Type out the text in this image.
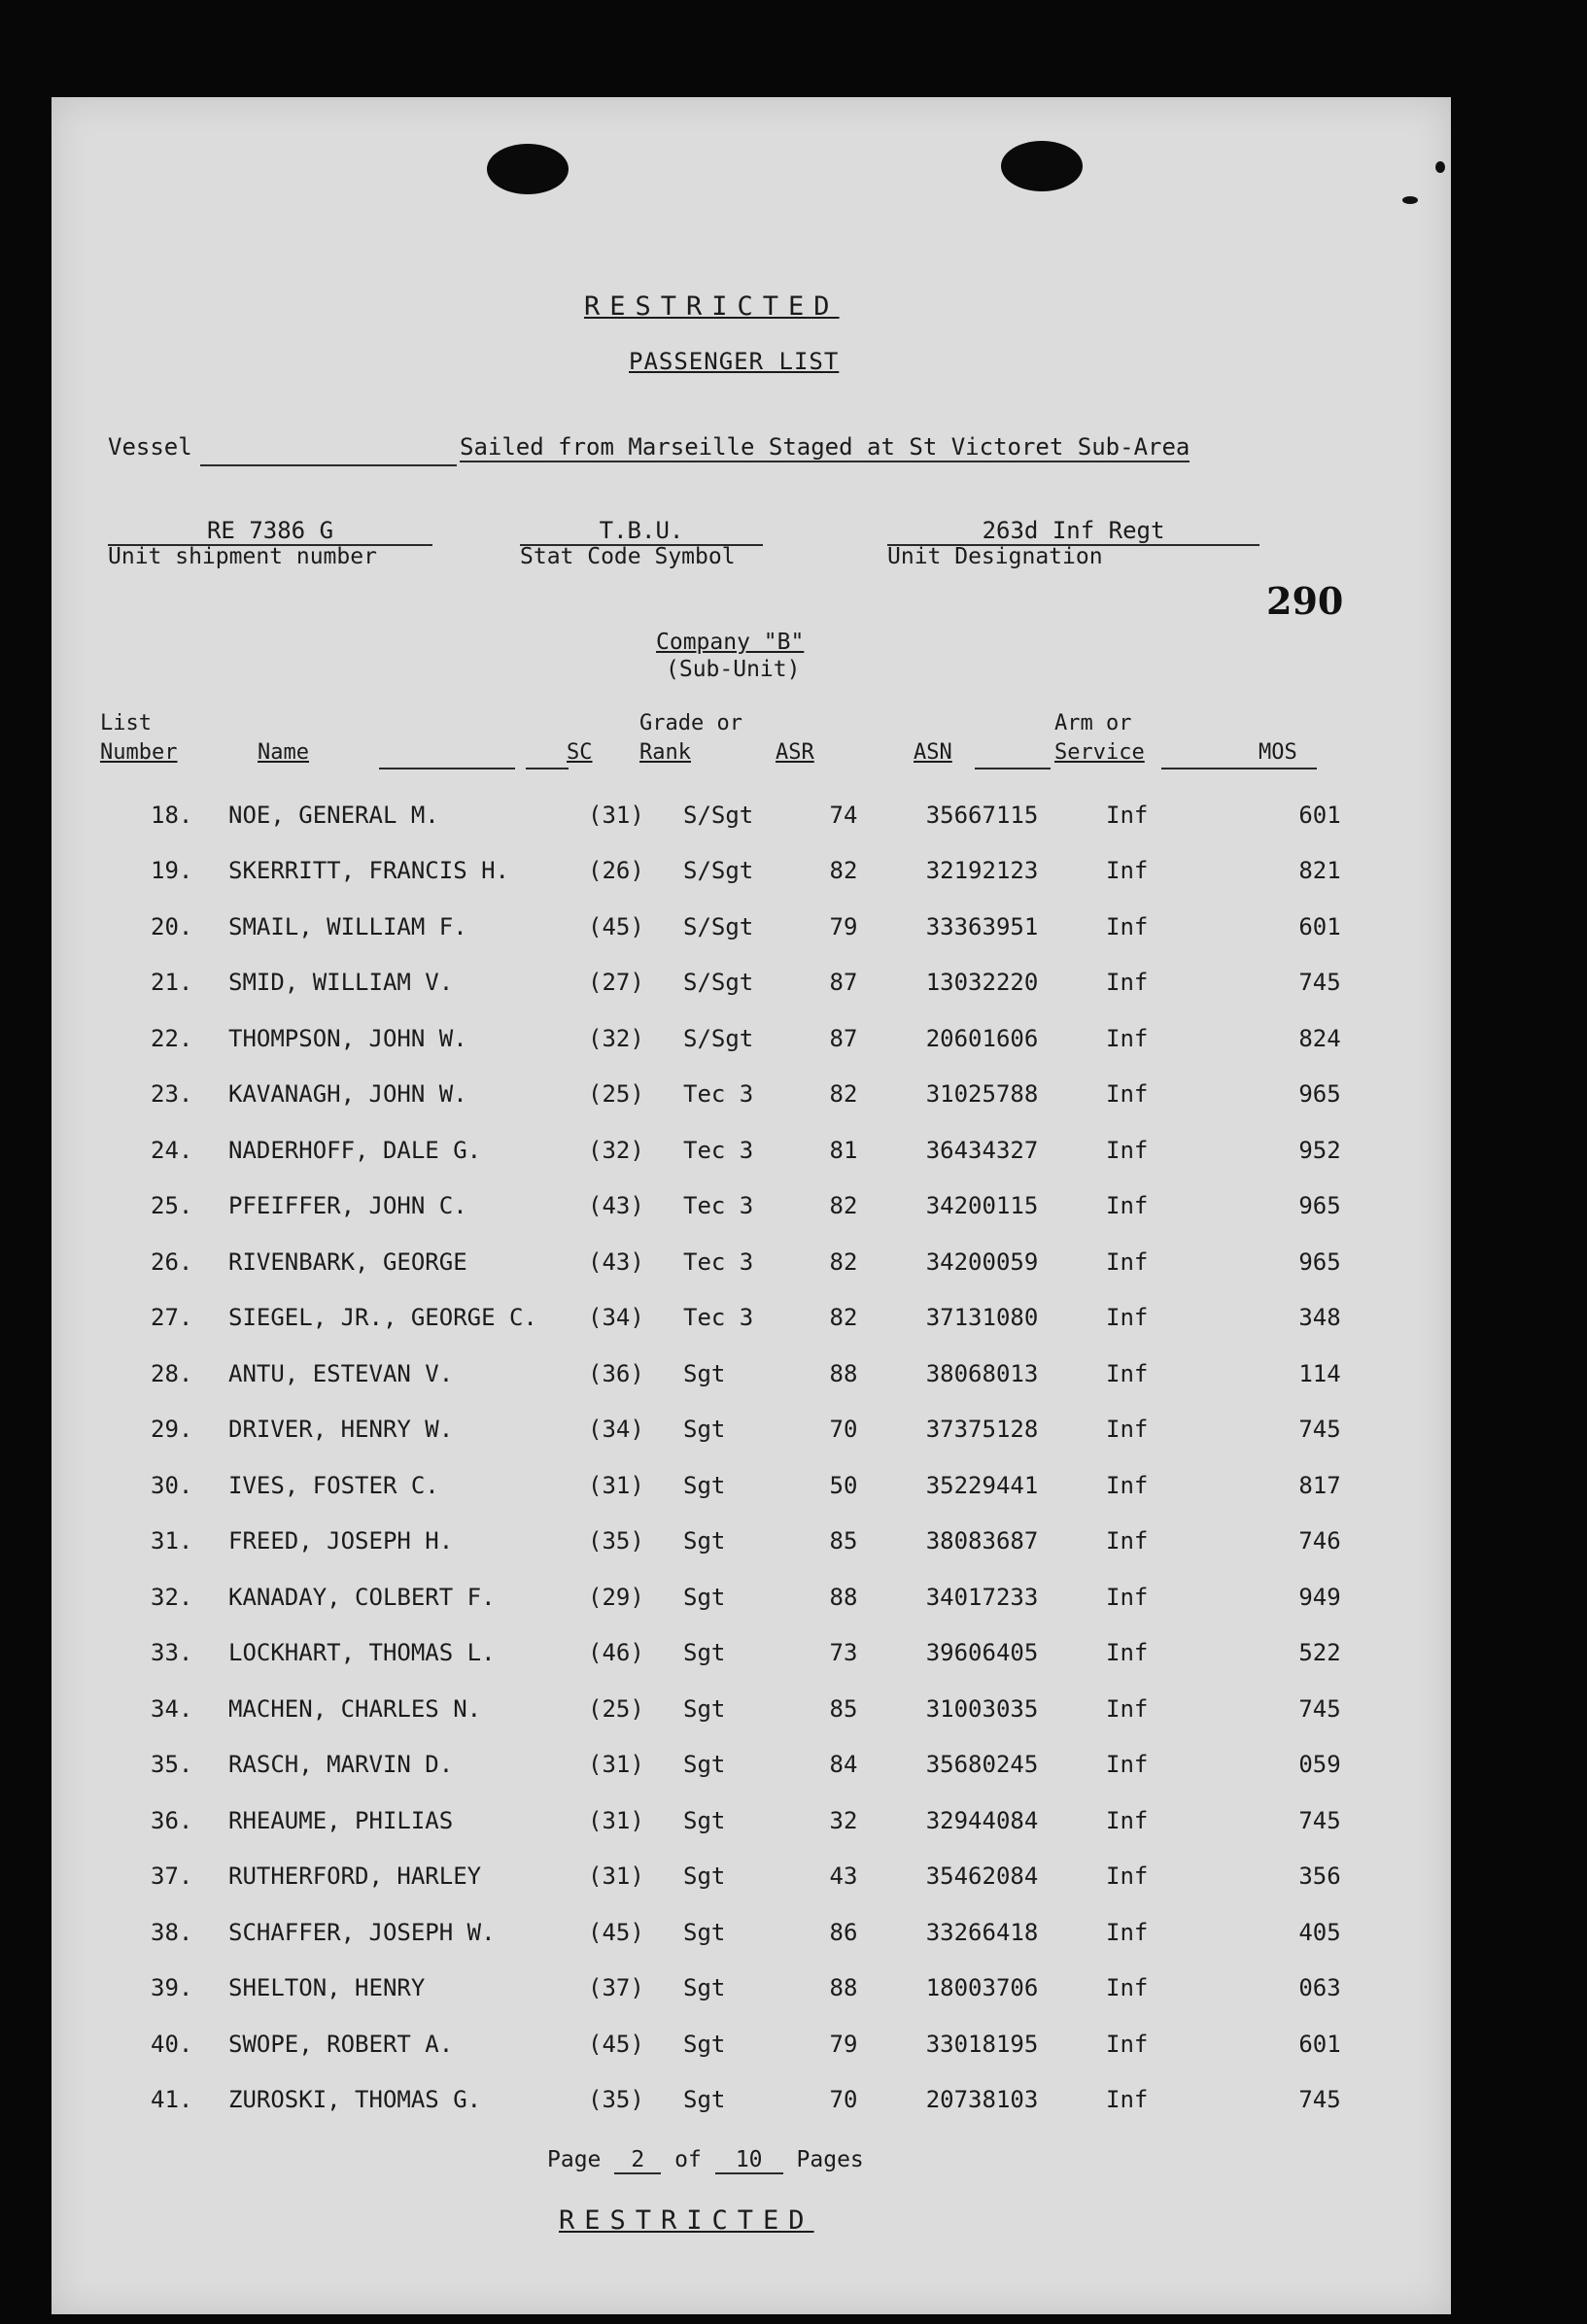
RESTRICTED
PASSENGER LIST
Vessel	Sailed from Marseille Staged at St Victoret Sub-Area
RE 7386 G
Unit shipment number
T.B.U.
Stat Code Symbol
263d Inf Regt
Unit Designation
290
Company "B"
(Sub-Unit)
List
Number	Name	SC
Grade or
Rank	ASR	ASN
Arm or
Service	MOS
18.	NOE, GENERAL M.	(31)	S/Sgt	74	35667115	Inf	601
19.	SKERRITT, FRANCIS H.	(26)	S/Sgt	82	32192123	Inf	821
20.	SMAIL, WILLIAM F.	(45)	S/Sgt	79	33363951	Inf	601
21.	SMID, WILLIAM V.	(27)	S/Sgt	87	13032220	Inf	745
22.	THOMPSON, JOHN W.	(32)	S/Sgt	87	20601606	Inf	824
23.	KAVANAGH, JOHN W.	(25)	Tec 3	82	31025788	Inf	965
24.	NADERHOFF, DALE G.	(32)	Tec 3	81	36434327	Inf	952
25.	PFEIFFER, JOHN C.	(43)	Tec 3	82	34200115	Inf	965
26.	RIVENBARK, GEORGE	(43)	Tec 3	82	34200059	Inf	965
27.	SIEGEL, JR., GEORGE C.	(34)	Tec 3	82	37131080	Inf	348
28.	ANTU, ESTEVAN V.	(36)	Sgt	88	38068013	Inf	114
29.	DRIVER, HENRY W.	(34)	Sgt	70	37375128	Inf	745
30.	IVES, FOSTER C.	(31)	Sgt	50	35229441	Inf	817
31.	FREED, JOSEPH H.	(35)	Sgt	85	38083687	Inf	746
32.	KANADAY, COLBERT F.	(29)	Sgt	88	34017233	Inf	949
33.	LOCKHART, THOMAS L.	(46)	Sgt	73	39606405	Inf	522
34.	MACHEN, CHARLES N.	(25)	Sgt	85	31003035	Inf	745
35.	RASCH, MARVIN D.	(31)	Sgt	84	35680245	Inf	059
36.	RHEAUME, PHILIAS	(31)	Sgt	32	32944084	Inf	745
37.	RUTHERFORD, HARLEY	(31)	Sgt	43	35462084	Inf	356
38.	SCHAFFER, JOSEPH W.	(45)	Sgt	86	33266418	Inf	405
39.	SHELTON, HENRY	(37)	Sgt	88	18003706	Inf	063
40.	SWOPE, ROBERT A.	(45)	Sgt	79	33018195	Inf	601
41.	ZUROSKI, THOMAS G.	(35)	Sgt	70	20738103	Inf	745
Page 2 of 10 Pages
RESTRICTED
